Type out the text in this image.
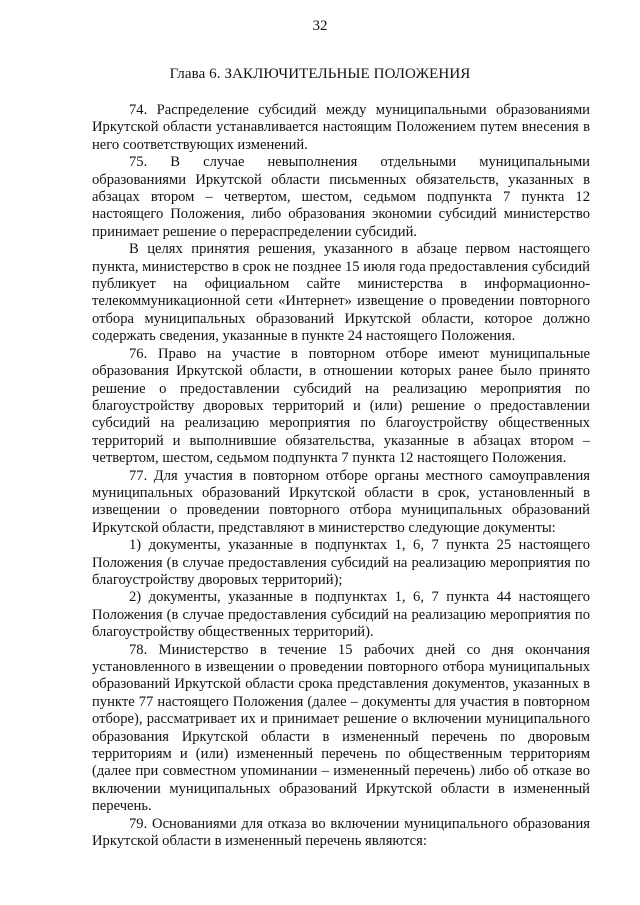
32
Глава 6. ЗАКЛЮЧИТЕЛЬНЫЕ ПОЛОЖЕНИЯ

74. Распределение субсидий между муниципальными образованиями Иркутской области устанавливается настоящим Положением путем внесения в него соответствующих изменений.

75. В случае невыполнения отдельными муниципальными образованиями Иркутской области письменных обязательств, указанных в абзацах втором – четвертом, шестом, седьмом подпункта 7 пункта 12 настоящего Положения, либо образования экономии субсидий министерство принимает решение о перераспределении субсидий.

В целях принятия решения, указанного в абзаце первом настоящего пункта, министерство в срок не позднее 15 июля года предоставления субсидий публикует на официальном сайте министерства в информационно-телекоммуникационной сети «Интернет» извещение о проведении повторного отбора муниципальных образований Иркутской области, которое должно содержать сведения, указанные в пункте 24 настоящего Положения.

76. Право на участие в повторном отборе имеют муниципальные образования Иркутской области, в отношении которых ранее было принято решение о предоставлении субсидий на реализацию мероприятия по благоустройству дворовых территорий и (или) решение о предоставлении субсидий на реализацию мероприятия по благоустройству общественных территорий и выполнившие обязательства, указанные в абзацах втором – четвертом, шестом, седьмом подпункта 7 пункта 12 настоящего Положения.

77. Для участия в повторном отборе органы местного самоуправления муниципальных образований Иркутской области в срок, установленный в извещении о проведении повторного отбора муниципальных образований Иркутской области, представляют в министерство следующие документы:

1) документы, указанные в подпунктах 1, 6, 7 пункта 25 настоящего Положения (в случае предоставления субсидий на реализацию мероприятия по благоустройству дворовых территорий);

2) документы, указанные в подпунктах 1, 6, 7 пункта 44 настоящего Положения (в случае предоставления субсидий на реализацию мероприятия по благоустройству общественных территорий).

78. Министерство в течение 15 рабочих дней со дня окончания установленного в извещении о проведении повторного отбора муниципальных образований Иркутской области срока представления документов, указанных в пункте 77 настоящего Положения (далее – документы для участия в повторном отборе), рассматривает их и принимает решение о включении муниципального образования Иркутской области в измененный перечень по дворовым территориям и (или) измененный перечень по общественным территориям (далее при совместном упоминании – измененный перечень) либо об отказе во включении муниципальных образований Иркутской области в измененный перечень.

79. Основаниями для отказа во включении муниципального образования Иркутской области в измененный перечень являются:
